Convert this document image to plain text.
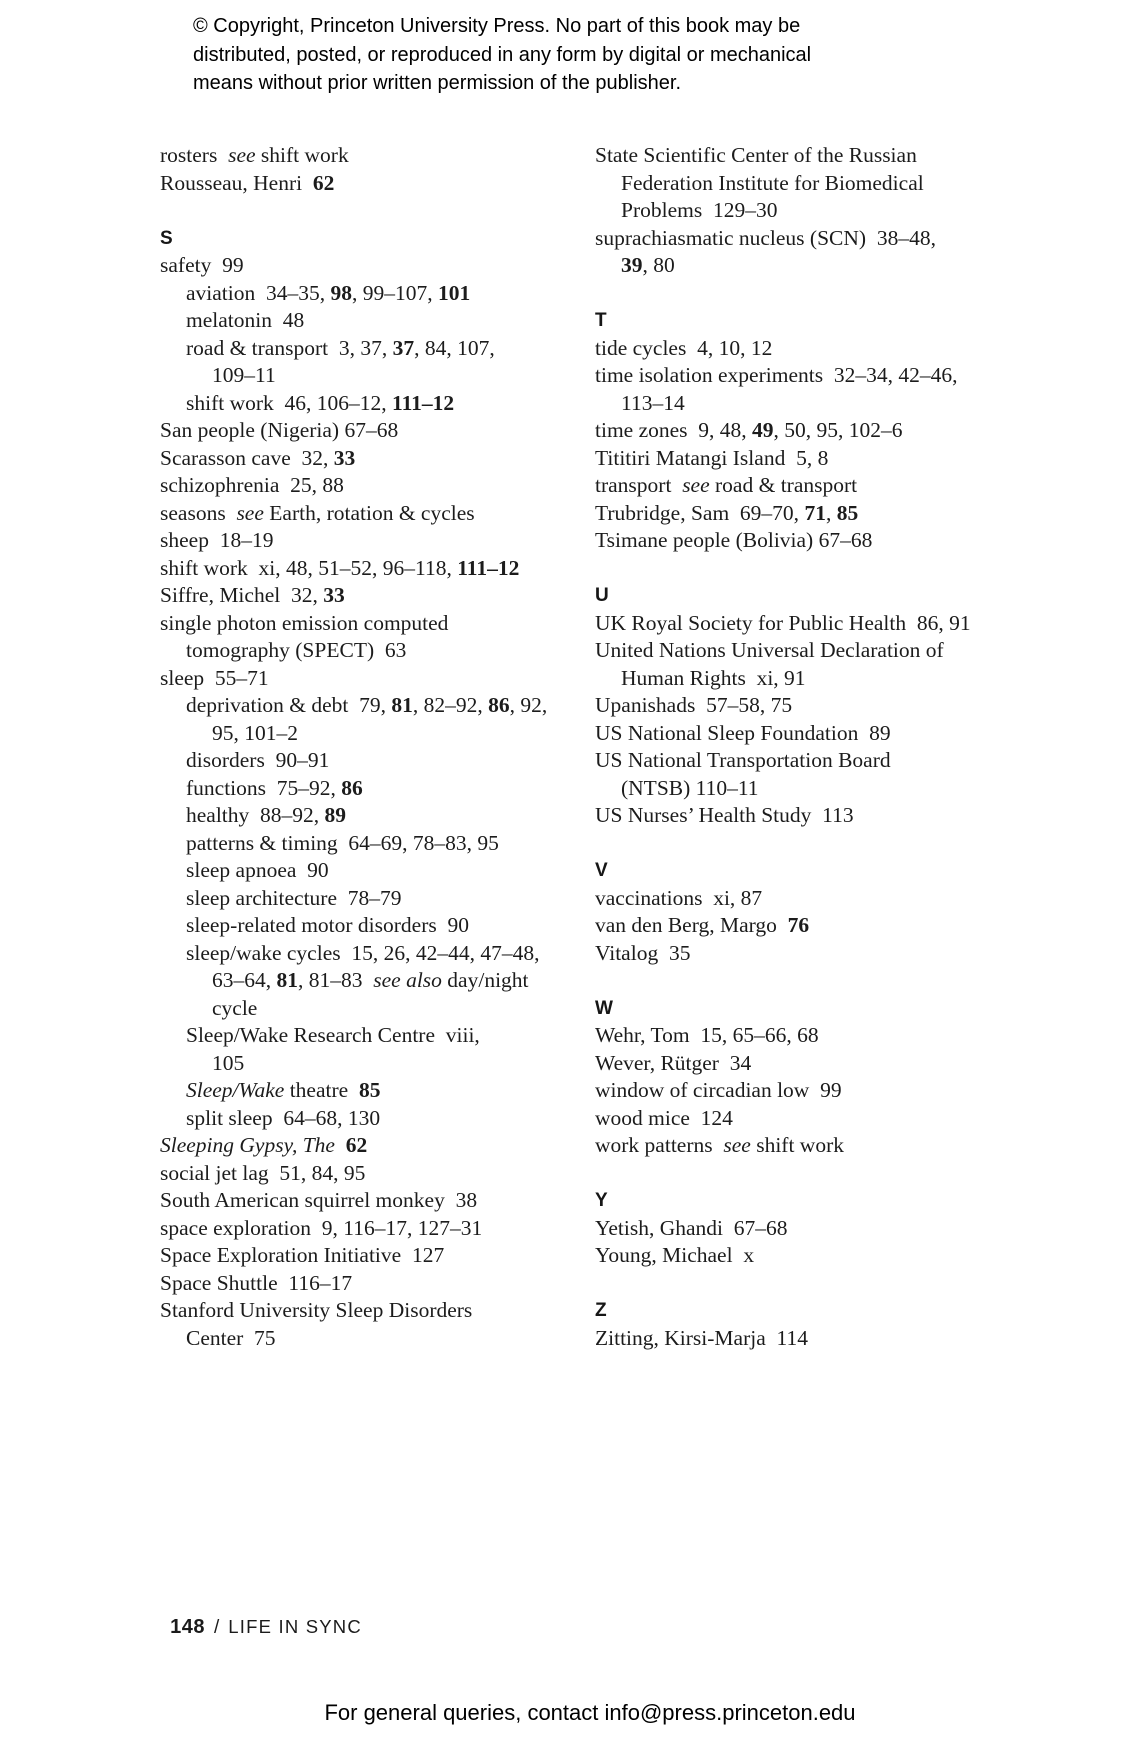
© Copyright, Princeton University Press. No part of this book may be
distributed, posted, or reproduced in any form by digital or mechanical
means without prior written permission of the publisher.
rosters  see shift work
Rousseau, Henri  62
S
safety  99
aviation  34–35, 98, 99–107, 101
melatonin  48
road & transport  3, 37, 37, 84, 107,
109–11
shift work  46, 106–12, 111–12
San people (Nigeria) 67–68
Scarasson cave  32, 33
schizophrenia  25, 88
seasons  see Earth, rotation & cycles
sheep  18–19
shift work  xi, 48, 51–52, 96–118, 111–12
Siffre, Michel  32, 33
single photon emission computed
tomography (SPECT)  63
sleep  55–71
deprivation & debt  79, 81, 82–92, 86, 92,
95, 101–2
disorders  90–91
functions  75–92, 86
healthy  88–92, 89
patterns & timing  64–69, 78–83, 95
sleep apnoea  90
sleep architecture  78–79
sleep-related motor disorders  90
sleep/wake cycles  15, 26, 42–44, 47–48,
63–64, 81, 81–83  see also day/night
cycle
Sleep/Wake Research Centre  viii,
105
Sleep/Wake theatre  85
split sleep  64–68, 130
Sleeping Gypsy, The 62
social jet lag  51, 84, 95
South American squirrel monkey  38
space exploration  9, 116–17, 127–31
Space Exploration Initiative  127
Space Shuttle  116–17
Stanford University Sleep Disorders
Center  75
State Scientific Center of the Russian
Federation Institute for Biomedical
Problems  129–30
suprachiasmatic nucleus (SCN)  38–48,
39, 80
T
tide cycles  4, 10, 12
time isolation experiments  32–34, 42–46,
113–14
time zones  9, 48, 49, 50, 95, 102–6
Tititiri Matangi Island  5, 8
transport  see road & transport
Trubridge, Sam  69–70, 71, 85
Tsimane people (Bolivia) 67–68
U
UK Royal Society for Public Health  86, 91
United Nations Universal Declaration of
Human Rights  xi, 91
Upanishads  57–58, 75
US National Sleep Foundation  89
US National Transportation Board
(NTSB) 110–11
US Nurses’ Health Study  113
V
vaccinations  xi, 87
van den Berg, Margo  76
Vitalog  35
W
Wehr, Tom  15, 65–66, 68
Wever, Rütger  34
window of circadian low  99
wood mice  124
work patterns  see shift work
Y
Yetish, Ghandi  67–68
Young, Michael  x
Z
Zitting, Kirsi-Marja  114

148 / LIFE IN SYNC

For general queries, contact info@press.princeton.edu
